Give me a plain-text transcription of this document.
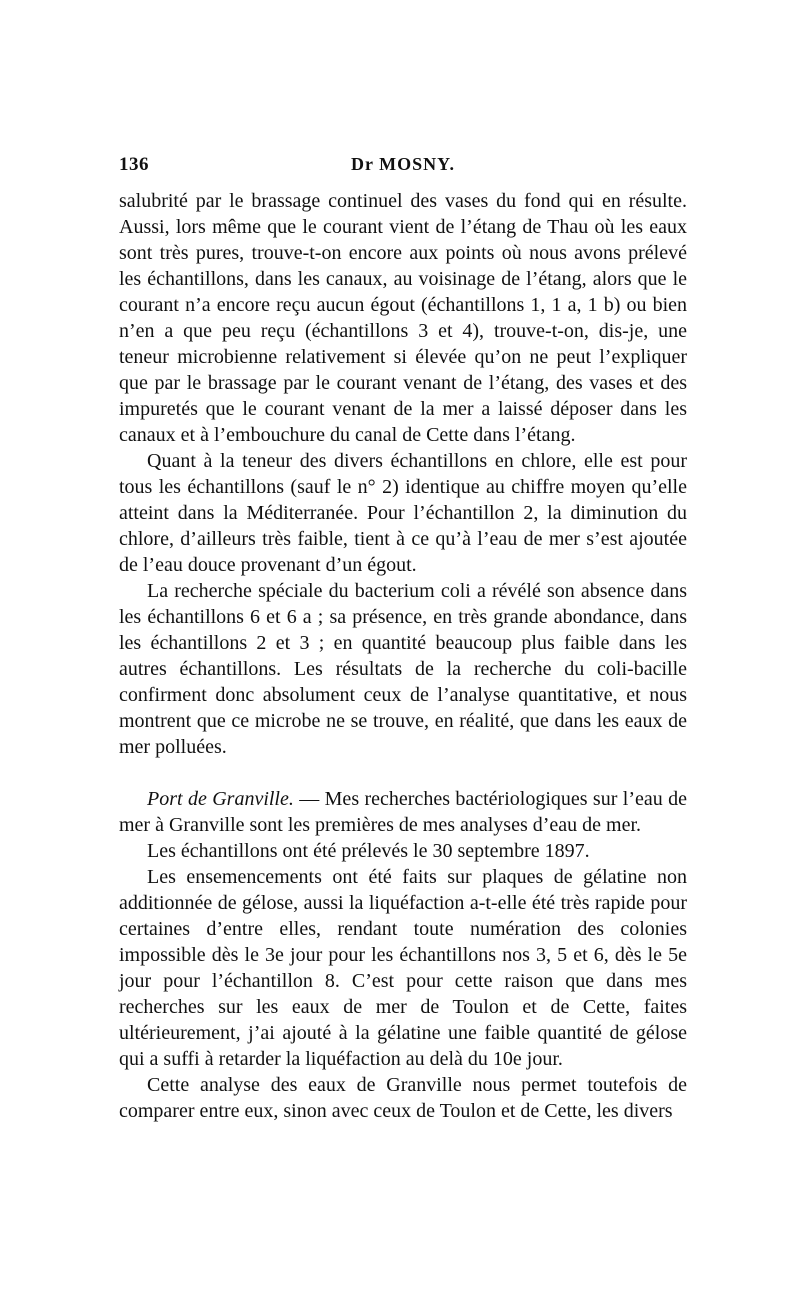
136	Dr MOSNY.

salubrité par le brassage continuel des vases du fond qui en résulte. Aussi, lors même que le courant vient de l’étang de Thau où les eaux sont très pures, trouve-t-on encore aux points où nous avons prélevé les échantillons, dans les canaux, au voisinage de l’étang, alors que le courant n’a encore reçu aucun égout (échantillons 1, 1 a, 1 b) ou bien n’en a que peu reçu (échantillons 3 et 4), trouve-t-on, dis-je, une teneur microbienne relativement si élevée qu’on ne peut l’expliquer que par le brassage par le courant venant de l’étang, des vases et des impuretés que le courant venant de la mer a laissé déposer dans les canaux et à l’embouchure du canal de Cette dans l’étang.

Quant à la teneur des divers échantillons en chlore, elle est pour tous les échantillons (sauf le n° 2) identique au chiffre moyen qu’elle atteint dans la Méditerranée. Pour l’échantillon 2, la diminution du chlore, d’ailleurs très faible, tient à ce qu’à l’eau de mer s’est ajoutée de l’eau douce provenant d’un égout.

La recherche spéciale du bacterium coli a révélé son absence dans les échantillons 6 et 6 a ; sa présence, en très grande abondance, dans les échantillons 2 et 3 ; en quantité beaucoup plus faible dans les autres échantillons. Les résultats de la recherche du coli-bacille confirment donc absolument ceux de l’analyse quantitative, et nous montrent que ce microbe ne se trouve, en réalité, que dans les eaux de mer polluées.

Port de Granville. — Mes recherches bactériologiques sur l’eau de mer à Granville sont les premières de mes analyses d’eau de mer.

Les échantillons ont été prélevés le 30 septembre 1897.

Les ensemencements ont été faits sur plaques de gélatine non additionnée de gélose, aussi la liquéfaction a-t-elle été très rapide pour certaines d’entre elles, rendant toute numération des colonies impossible dès le 3e jour pour les échantillons nos 3, 5 et 6, dès le 5e jour pour l’échantillon 8. C’est pour cette raison que dans mes recherches sur les eaux de mer de Toulon et de Cette, faites ultérieurement, j’ai ajouté à la gélatine une faible quantité de gélose qui a suffi à retarder la liquéfaction au delà du 10e jour.

Cette analyse des eaux de Granville nous permet toutefois de comparer entre eux, sinon avec ceux de Toulon et de Cette, les divers
